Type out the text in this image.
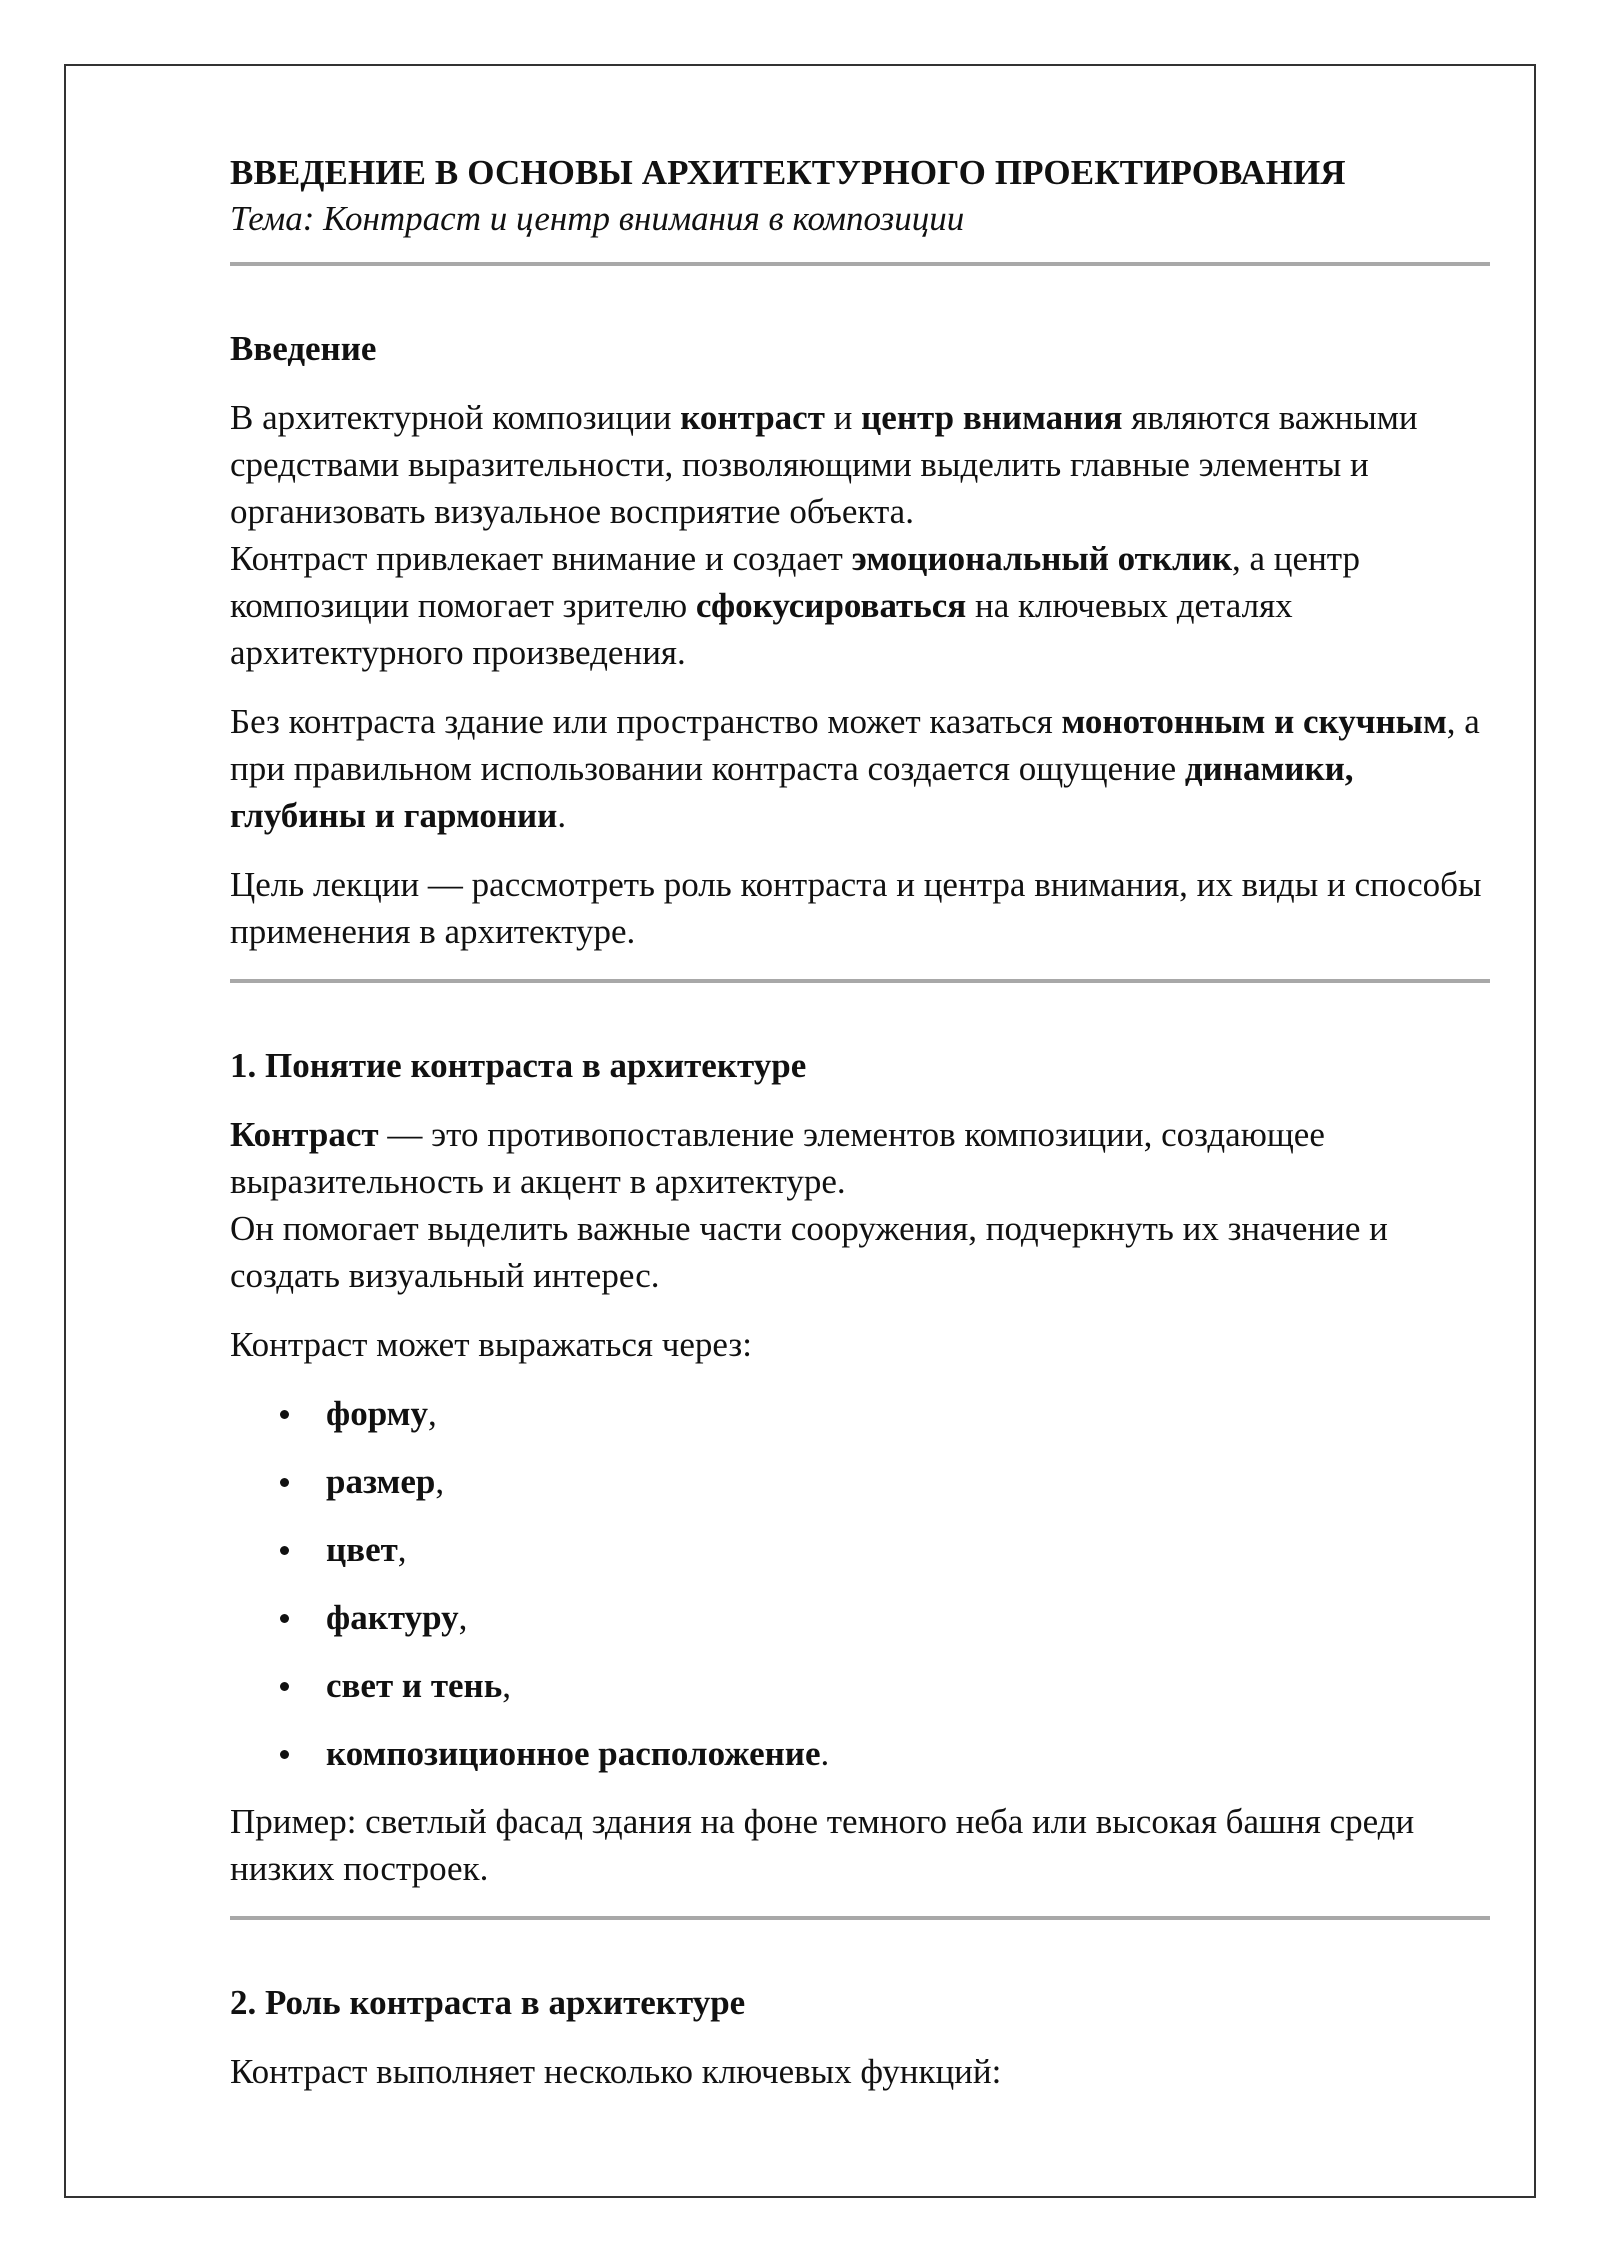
ВВЕДЕНИЕ В ОСНОВЫ АРХИТЕКТУРНОГО ПРОЕКТИРОВАНИЯ
Тема: Контраст и центр внимания в композиции
Введение

В архитектурной композиции контраст и центр внимания являются важными средствами выразительности, позволяющими выделить главные элементы и организовать визуальное восприятие объекта.
Контраст привлекает внимание и создает эмоциональный отклик, а центр композиции помогает зрителю сфокусироваться на ключевых деталях архитектурного произведения.

Без контраста здание или пространство может казаться монотонным и скучным, а при правильном использовании контраста создается ощущение динамики, глубины и гармонии.

Цель лекции — рассмотреть роль контраста и центра внимания, их виды и способы применения в архитектуре.

1. Понятие контраста в архитектуре

Контраст — это противопоставление элементов композиции, создающее выразительность и акцент в архитектуре.
Он помогает выделить важные части сооружения, подчеркнуть их значение и создать визуальный интерес.

Контраст может выражаться через:

форму,
размер,
цвет,
фактуру,
свет и тень,
композиционное расположение.

Пример: светлый фасад здания на фоне темного неба или высокая башня среди низких построек.

2. Роль контраста в архитектуре

Контраст выполняет несколько ключевых функций:
